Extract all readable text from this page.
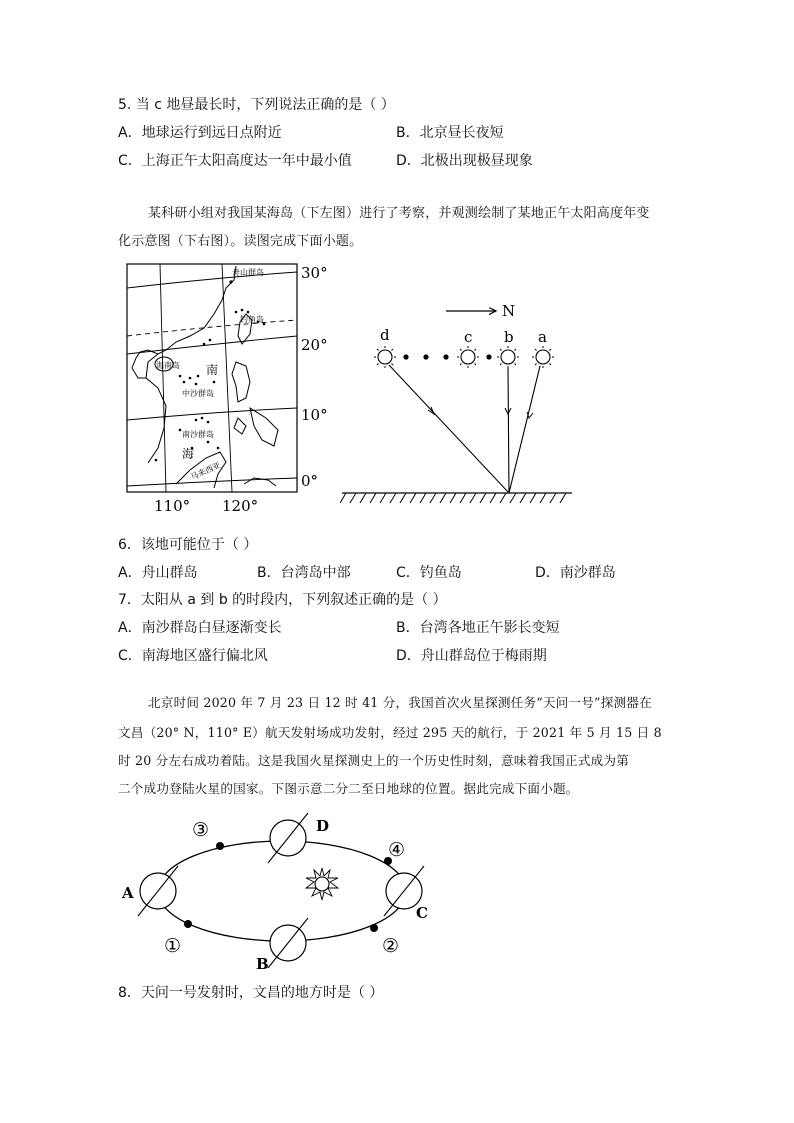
5. 当 c 地昼最长时，下列说法正确的是（ ）
A．地球运行到远日点附近	B．北京昼长夜短
C．上海正午太阳高度达一年中最小值	D．北极出现极昼现象
某科研小组对我国某海岛（下左图）进行了考察，并观测绘制了某地正午太阳高度年变
化示意图（下右图）。读图完成下面小题。
舟山群岛
钓鱼岛
海南岛 南
中沙群岛
南沙群岛
海
马来西亚
30°
20°
10°
0°
110° 120°
N
d	c b a
6．该地可能位于（ ）
A．舟山群岛	B．台湾岛中部	C．钓鱼岛	D．南沙群岛
7．太阳从 a 到 b 的时段内，下列叙述正确的是（ ）
A．南沙群岛白昼逐渐变长	B．台湾各地正午影长变短
C．南海地区盛行偏北风	D．舟山群岛位于梅雨期
北京时间 2020 年 7 月 23 日 12 时 41 分，我国首次火星探测任务“天问一号”探测器在
文昌（20° N，110° E）航天发射场成功发射，经过 295 天的航行，于 2021 年 5 月 15 日 8
时 20 分左右成功着陆。这是我国火星探测史上的一个历史性时刻，意味着我国正式成为第
二个成功登陆火星的国家。下图示意二分二至日地球的位置。据此完成下面小题。
A
B
C
D
①	②
③
④
8．天问一号发射时，文昌的地方时是（ ）
